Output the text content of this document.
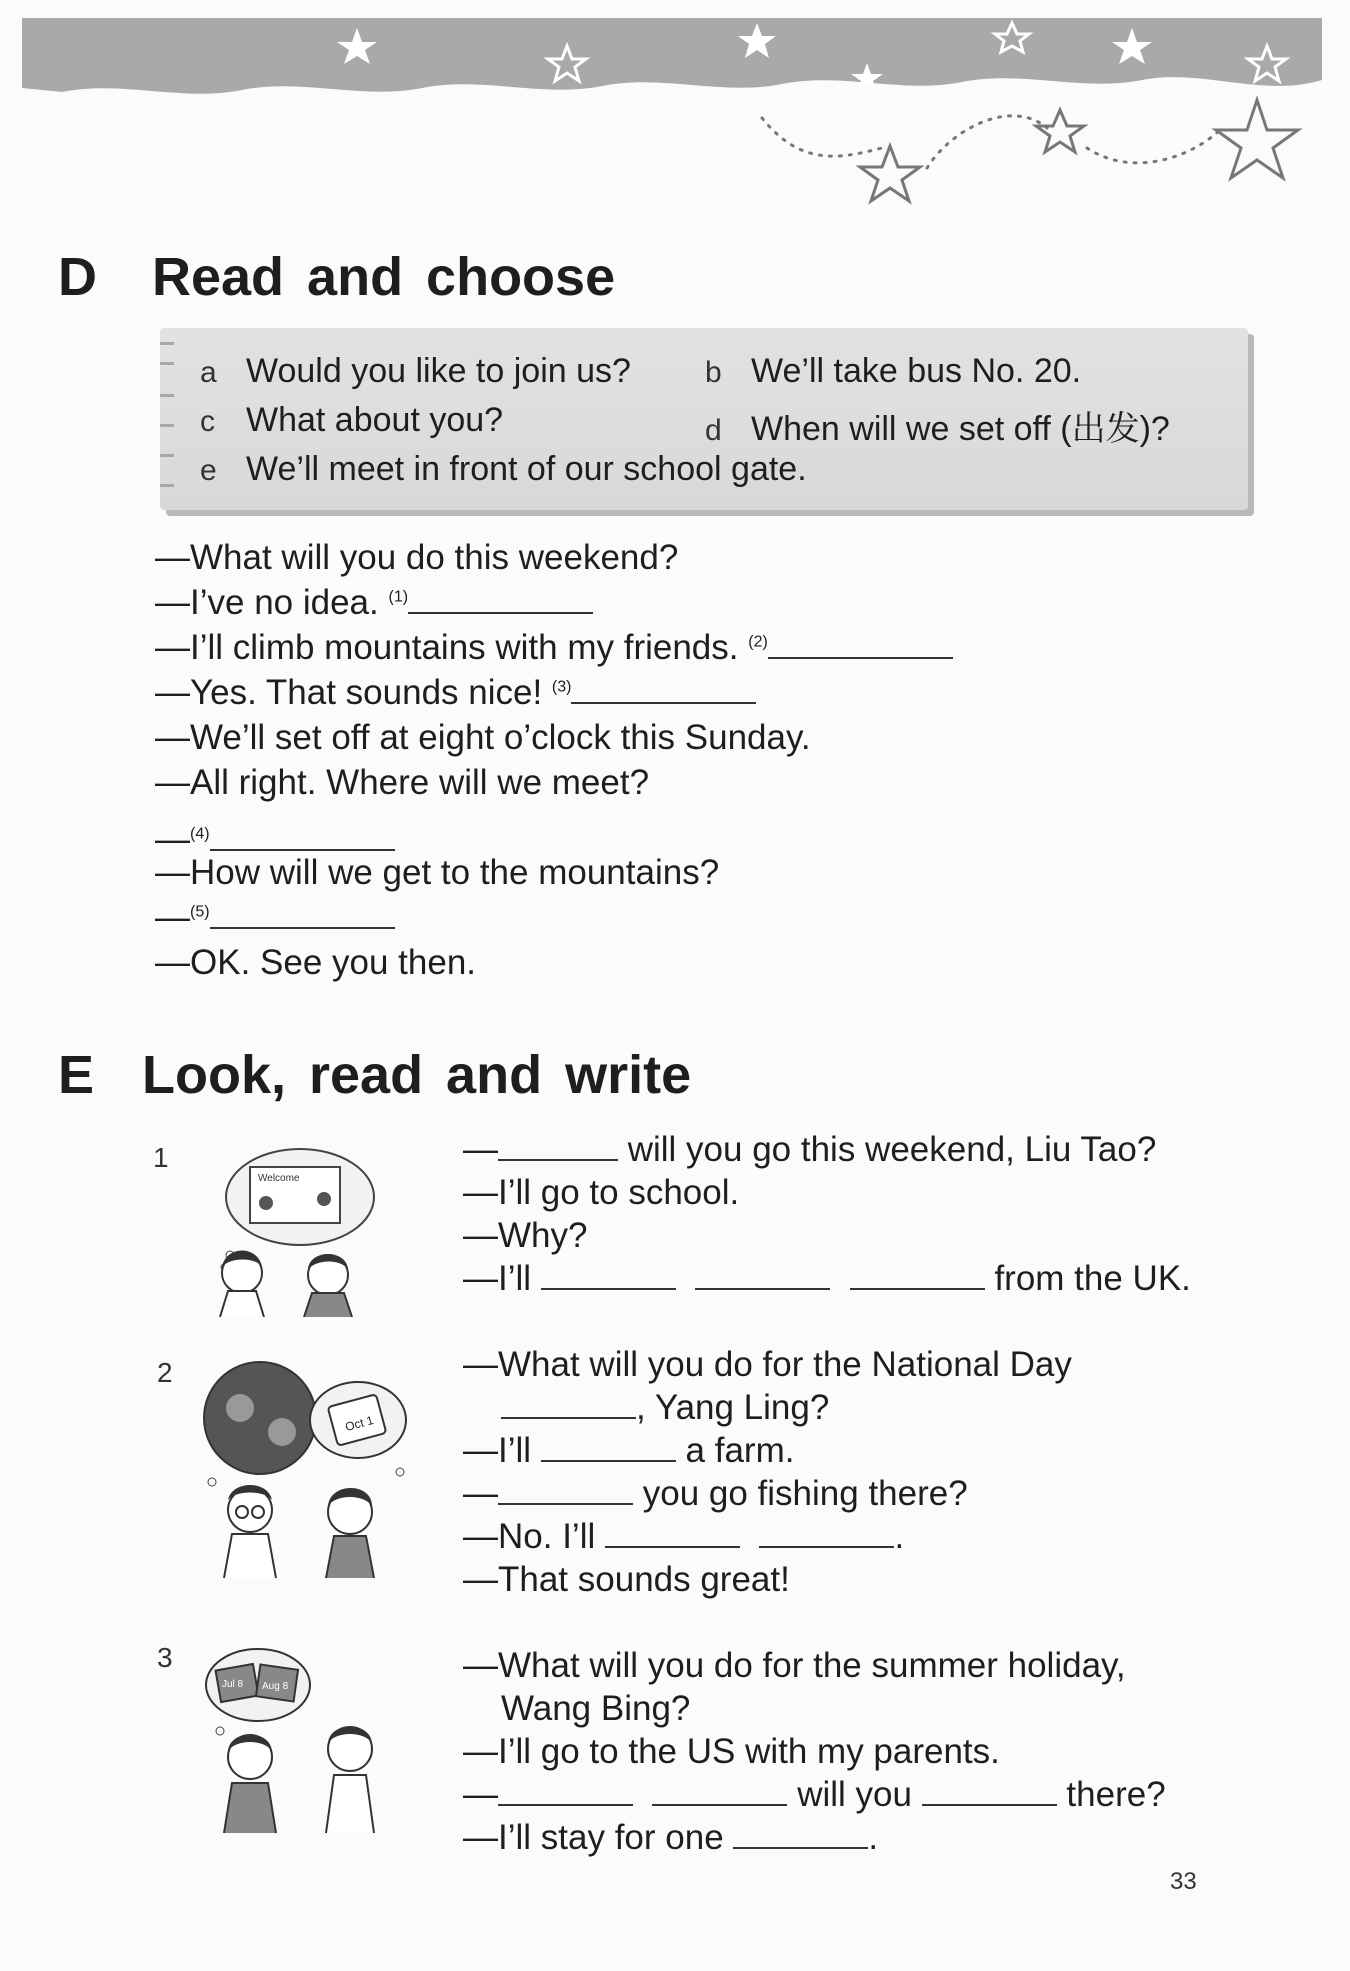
D Read and choose
a Would you like to join us? b We’ll take bus No. 20.
c What about you?	d When will we set off (出发)?
e We’ll meet in front of our school gate.
—What will you do this weekend?
—I’ve no idea. $^{(1)}$
—I’ll climb mountains with my friends. $^{(2)}$
—Yes. That sounds nice! $^{(3)}$
—We’ll set off at eight o’clock this Sunday.
—All right. Where will we meet?
—$^{(4)}$
—How will we get to the mountains?
—$^{(5)}$
—OK. See you then.
E Look, read and write
1
Welcome
—	will you go this weekend, Liu Tao?
—I’ll go to school.
—Why?
—I’ll	from the UK.
2
Oct 1
—What will you do for the National Day
, Yang Ling?
—I’ll	a farm.
—	you go fishing there?
—No. I’ll	.
—That sounds great!
3
Jul 8 Aug 8
—What will you do for the summer holiday,
Wang Bing?
—I’ll go to the US with my parents.
—	will you	there?
—I’ll stay for one	.
33
